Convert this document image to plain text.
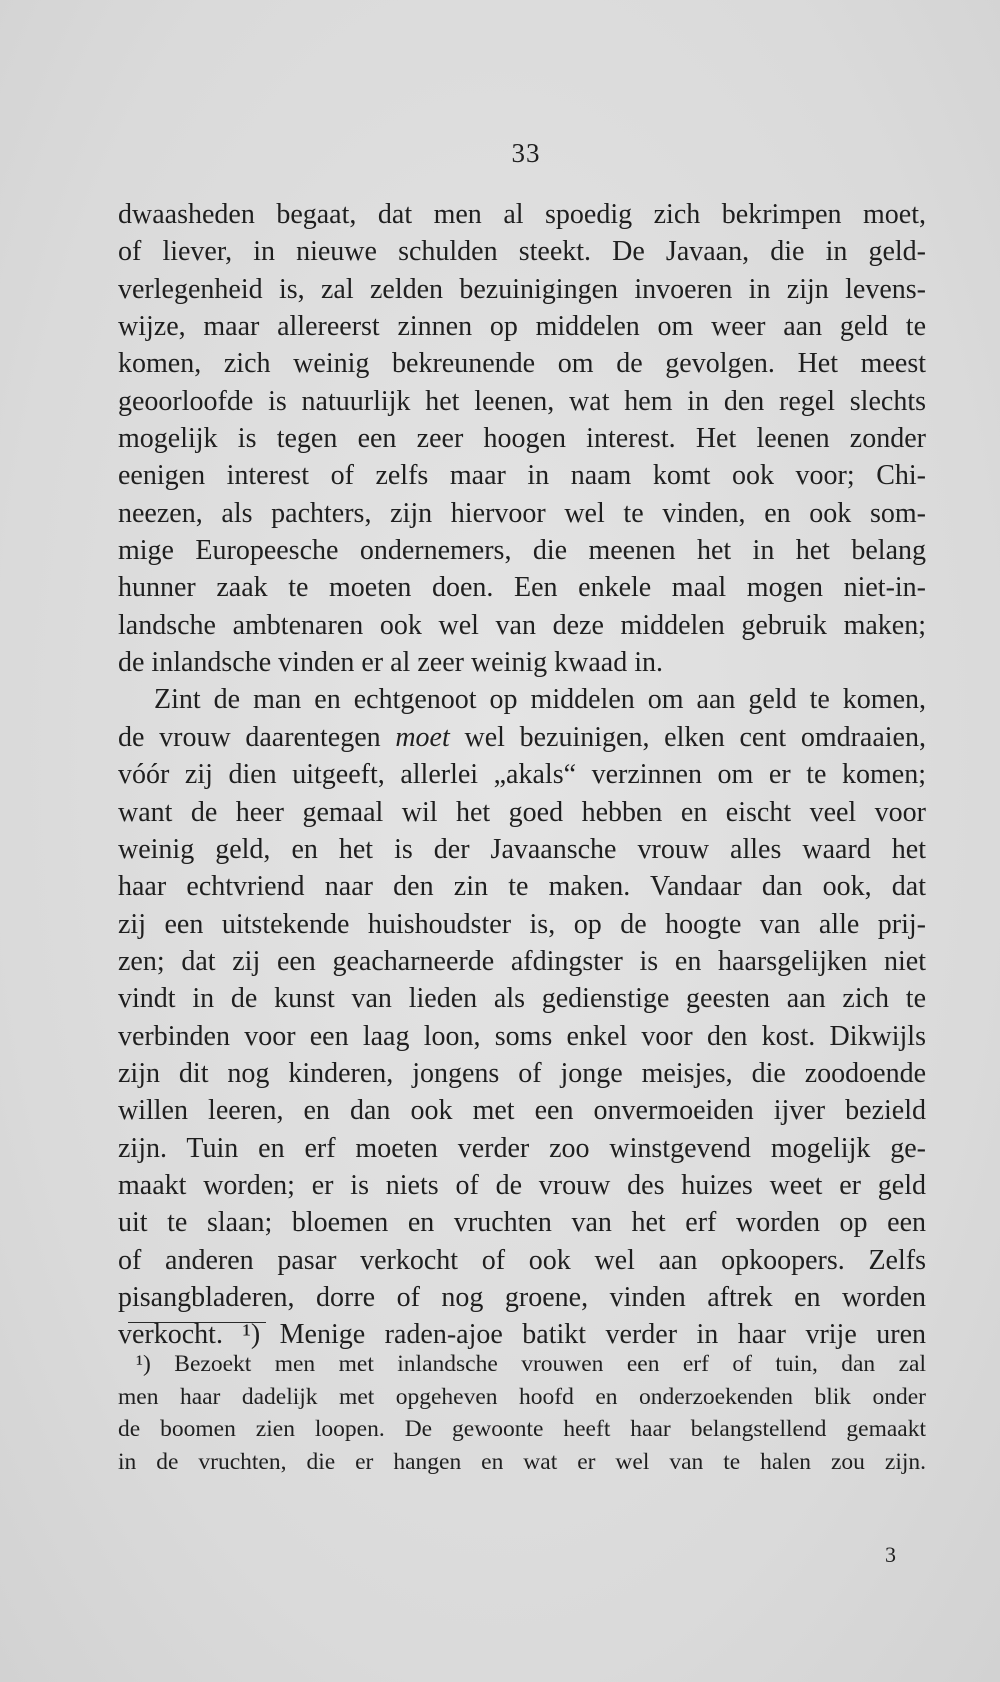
33
dwaasheden begaat, dat men al spoedig zich bekrimpen moet,
of liever, in nieuwe schulden steekt. De Javaan, die in geld-
verlegenheid is, zal zelden bezuinigingen invoeren in zijn levens-
wijze, maar allereerst zinnen op middelen om weer aan geld te
komen, zich weinig bekreunende om de gevolgen. Het meest
geoorloofde is natuurlijk het leenen, wat hem in den regel slechts
mogelijk is tegen een zeer hoogen interest. Het leenen zonder
eenigen interest of zelfs maar in naam komt ook voor; Chi-
neezen, als pachters, zijn hiervoor wel te vinden, en ook som-
mige Europeesche ondernemers, die meenen het in het belang
hunner zaak te moeten doen. Een enkele maal mogen niet-in-
landsche ambtenaren ook wel van deze middelen gebruik maken;
de inlandsche vinden er al zeer weinig kwaad in.
Zint de man en echtgenoot op middelen om aan geld te komen,
de vrouw daarentegen moet wel bezuinigen, elken cent omdraaien,
vóór zij dien uitgeeft, allerlei „akals“ verzinnen om er te komen;
want de heer gemaal wil het goed hebben en eischt veel voor
weinig geld, en het is der Javaansche vrouw alles waard het
haar echtvriend naar den zin te maken. Vandaar dan ook, dat
zij een uitstekende huishoudster is, op de hoogte van alle prij-
zen; dat zij een geacharneerde afdingster is en haarsgelijken niet
vindt in de kunst van lieden als gedienstige geesten aan zich te
verbinden voor een laag loon, soms enkel voor den kost. Dikwijls
zijn dit nog kinderen, jongens of jonge meisjes, die zoodoende
willen leeren, en dan ook met een onvermoeiden ijver bezield
zijn. Tuin en erf moeten verder zoo winstgevend mogelijk ge-
maakt worden; er is niets of de vrouw des huizes weet er geld
uit te slaan; bloemen en vruchten van het erf worden op een
of anderen pasar verkocht of ook wel aan opkoopers. Zelfs
pisangbladeren, dorre of nog groene, vinden aftrek en worden
verkocht. ¹) Menige raden-ajoe batikt verder in haar vrije uren
¹) Bezoekt men met inlandsche vrouwen een erf of tuin, dan zal
men haar dadelijk met opgeheven hoofd en onderzoekenden blik onder
de boomen zien loopen. De gewoonte heeft haar belangstellend gemaakt
in de vruchten, die er hangen en wat er wel van te halen zou zijn.
3
